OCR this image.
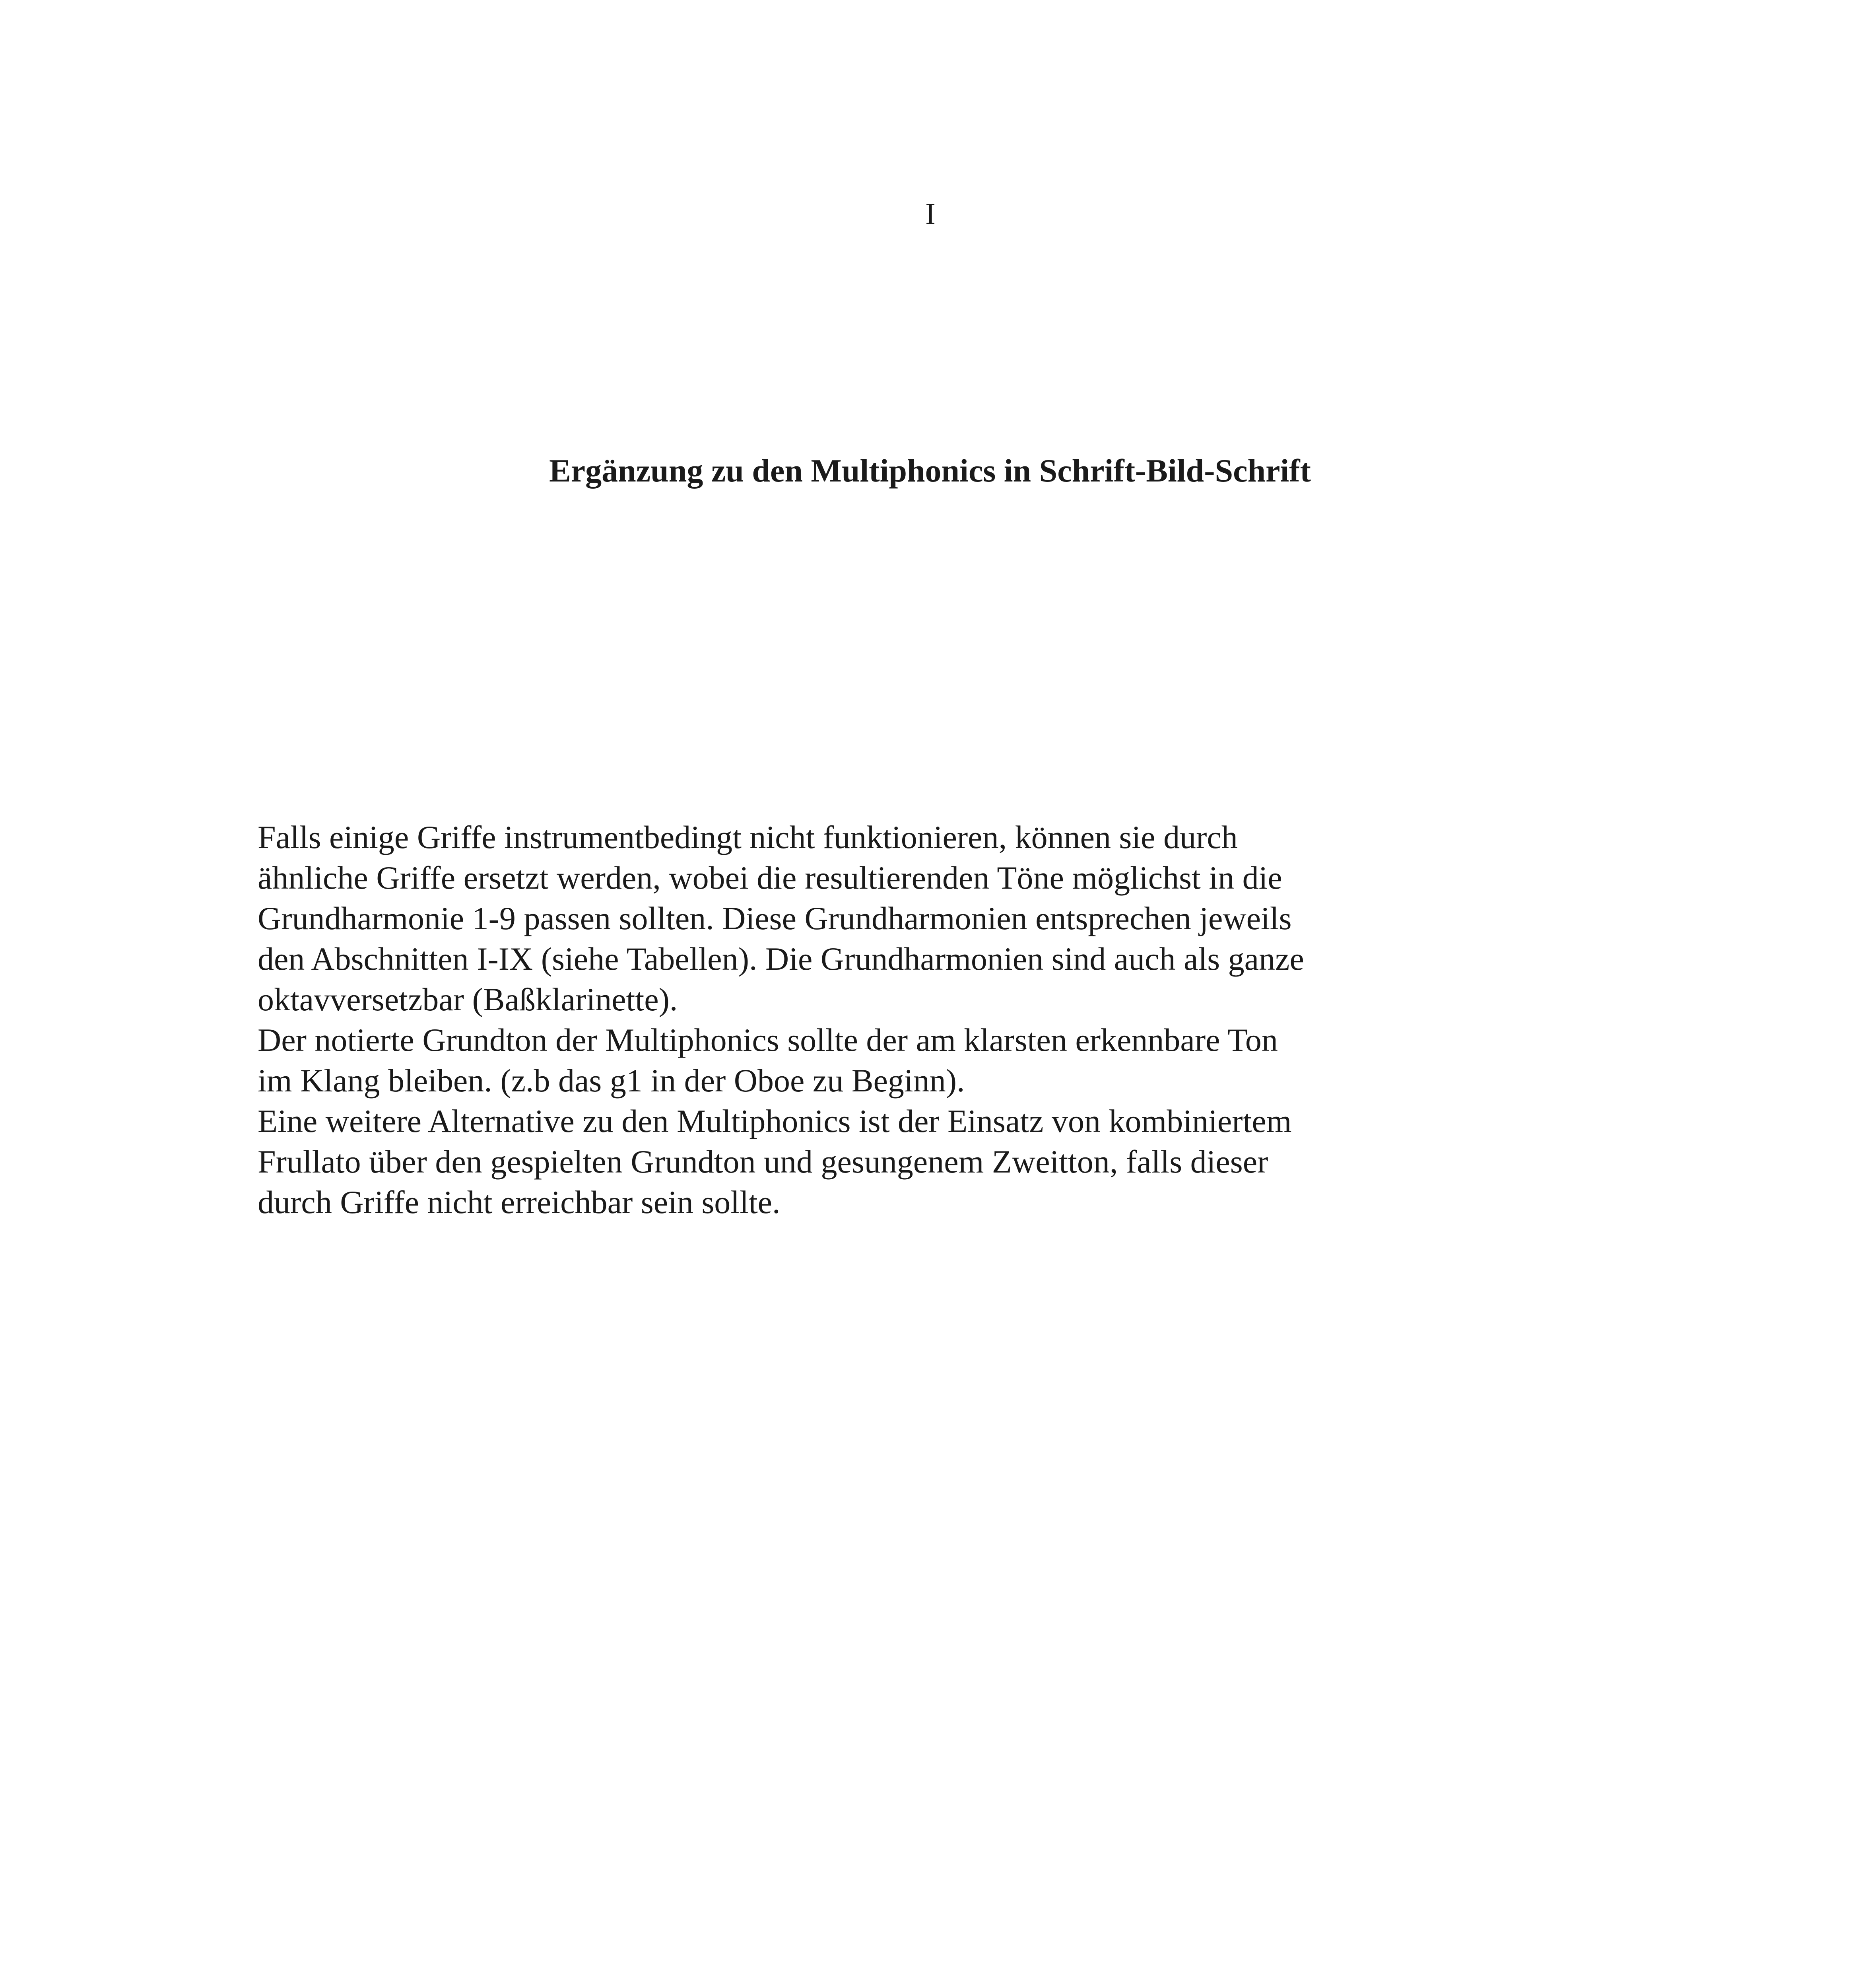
I
Ergänzung zu den Multiphonics in Schrift-Bild-Schrift
Falls einige Griffe instrumentbedingt nicht funktionieren, können sie durch
ähnliche Griffe ersetzt werden, wobei die resultierenden Töne möglichst in die
Grundharmonie 1-9 passen sollten. Diese Grundharmonien entsprechen jeweils
den Abschnitten I-IX (siehe Tabellen). Die Grundharmonien sind auch als ganze
oktavversetzbar (Baßklarinette).
Der notierte Grundton der Multiphonics sollte der am klarsten erkennbare Ton
im Klang bleiben. (z.b das g1 in der Oboe zu Beginn).
Eine weitere Alternative zu den Multiphonics ist der Einsatz von kombiniertem
Frullato über den gespielten Grundton und gesungenem Zweitton, falls dieser
durch Griffe nicht erreichbar sein sollte.
